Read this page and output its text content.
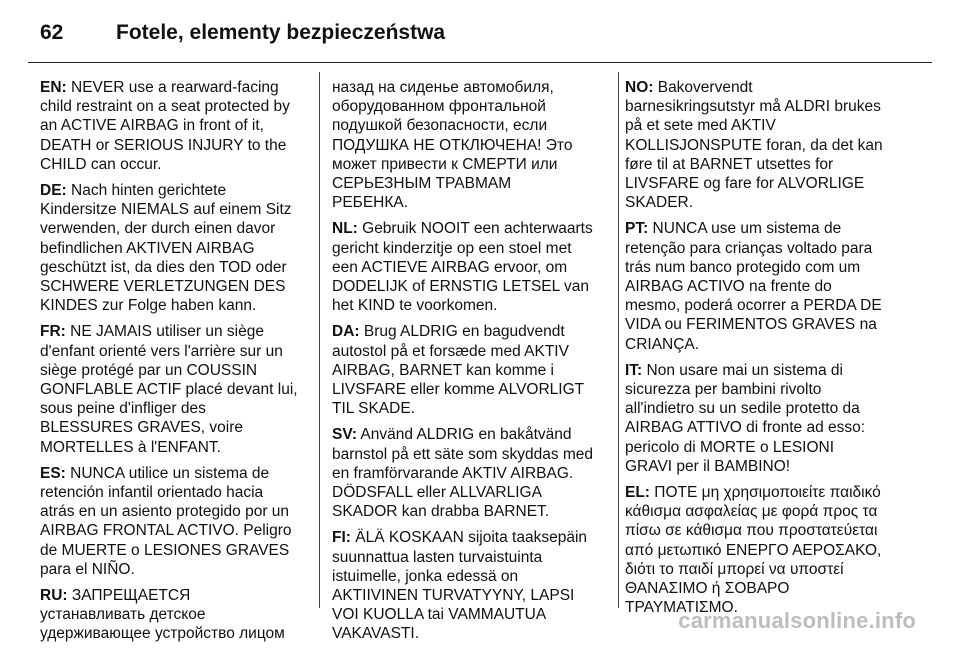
62	Fotele, elementy bezpieczeństwa

EN: NEVER use a rearward-facing
child restraint on a seat protected by
an ACTIVE AIRBAG in front of it,
DEATH or SERIOUS INJURY to the
CHILD can occur.

DE: Nach hinten gerichtete
Kindersitze NIEMALS auf einem Sitz
verwenden, der durch einen davor
befindlichen AKTIVEN AIRBAG
geschützt ist, da dies den TOD oder
SCHWERE VERLETZUNGEN DES
KINDES zur Folge haben kann.

FR: NE JAMAIS utiliser un siège
d'enfant orienté vers l'arrière sur un
siège protégé par un COUSSIN
GONFLABLE ACTIF placé devant lui,
sous peine d'infliger des
BLESSURES GRAVES, voire
MORTELLES à l'ENFANT.

ES: NUNCA utilice un sistema de
retención infantil orientado hacia
atrás en un asiento protegido por un
AIRBAG FRONTAL ACTIVO. Peligro
de MUERTE o LESIONES GRAVES
para el NIÑO.

RU: ЗАПРЕЩАЕТСЯ
устанавливать детское
удерживающее устройство лицом

назад на сиденье автомобиля,
оборудованном фронтальной
подушкой безопасности, если
ПОДУШКА НЕ ОТКЛЮЧЕНА! Это
может привести к СМЕРТИ или
СЕРЬЕЗНЫМ ТРАВМАМ
РЕБЕНКА.

NL: Gebruik NOOIT een achterwaarts
gericht kinderzitje op een stoel met
een ACTIEVE AIRBAG ervoor, om
DODELIJK of ERNSTIG LETSEL van
het KIND te voorkomen.

DA: Brug ALDRIG en bagudvendt
autostol på et forsæde med AKTIV
AIRBAG, BARNET kan komme i
LIVSFARE eller komme ALVORLIGT
TIL SKADE.

SV: Använd ALDRIG en bakåtvänd
barnstol på ett säte som skyddas med
en framförvarande AKTIV AIRBAG.
DÖDSFALL eller ALLVARLIGA
SKADOR kan drabba BARNET.

FI: ÄLÄ KOSKAAN sijoita taaksepäin
suunnattua lasten turvaistuinta
istuimelle, jonka edessä on
AKTIIVINEN TURVATYYNY, LAPSI
VOI KUOLLA tai VAMMAUTUA
VAKAVASTI.

NO: Bakovervendt
barnesikringsutstyr må ALDRI brukes
på et sete med AKTIV
KOLLISJONSPUTE foran, da det kan
føre til at BARNET utsettes for
LIVSFARE og fare for ALVORLIGE
SKADER.

PT: NUNCA use um sistema de
retenção para crianças voltado para
trás num banco protegido com um
AIRBAG ACTIVO na frente do
mesmo, poderá ocorrer a PERDA DE
VIDA ou FERIMENTOS GRAVES na
CRIANÇA.

IT: Non usare mai un sistema di
sicurezza per bambini rivolto
all'indietro su un sedile protetto da
AIRBAG ATTIVO di fronte ad esso:
pericolo di MORTE o LESIONI
GRAVI per il BAMBINO!

EL: ΠΟΤΕ μη χρησιμοποιείτε παιδικό
κάθισμα ασφαλείας με φορά προς τα
πίσω σε κάθισμα που προστατεύεται
από μετωπικό ΕΝΕΡΓΟ ΑΕΡΟΣΑΚΟ,
διότι το παιδί μπορεί να υποστεί
ΘΑΝΑΣΙΜΟ ή ΣΟΒΑΡΟ
ΤΡΑΥΜΑΤΙΣΜΟ.

carmanualsonline.info
